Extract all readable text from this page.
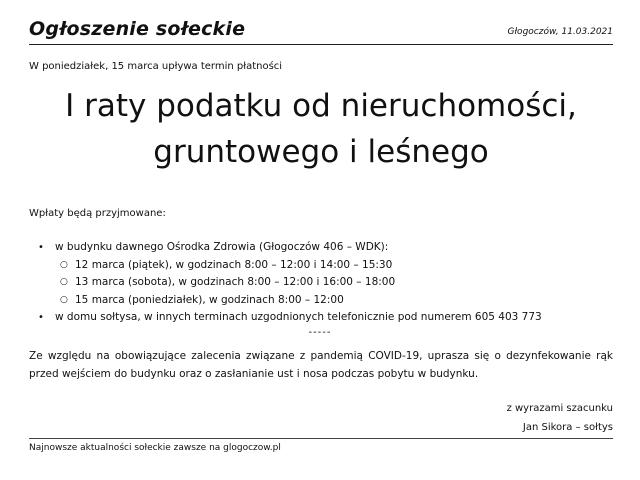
Ogłoszenie sołeckie	Głogoczów, 11.03.2021
W poniedziałek, 15 marca upływa termin płatności
I raty podatku od nieruchomości,
gruntowego i leśnego
Wpłaty będą przyjmowane:
• w budynku dawnego Ośrodka Zdrowia (Głogoczów 406 – WDK):
○ 12 marca (piątek), w godzinach 8:00 – 12:00 i 14:00 – 15:30
○ 13 marca (sobota), w godzinach 8:00 – 12:00 i 16:00 – 18:00
○ 15 marca (poniedziałek), w godzinach 8:00 – 12:00
• w domu sołtysa, w innych terminach uzgodnionych telefonicznie pod numerem 605 403 773
-----
Ze względu na obowiązujące zalecenia związane z pandemią COVID-19, uprasza się o dezynfekowanie rąk przed wejściem do budynku oraz o zasłanianie ust i nosa podczas pobytu w budynku.
z wyrazami szacunku
Jan Sikora – sołtys
Najnowsze aktualności sołeckie zawsze na glogoczow.pl
